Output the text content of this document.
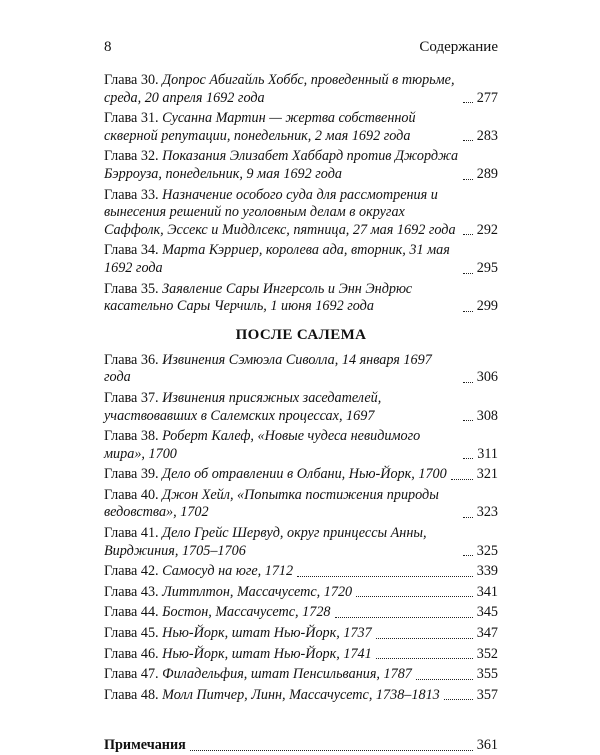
8	Содержание
Глава 30. Допрос Абигайль Хоббс, проведенный в тюрьме, среда, 20 апреля 1692 года	277
Глава 31. Сусанна Мартин — жертва собственной скверной репутации, понедельник, 2 мая 1692 года	283
Глава 32. Показания Элизабет Хаббард против Джорджа Бэрроуза, понедельник, 9 мая 1692 года	289
Глава 33. Назначение особого суда для рассмотрения и вынесения решений по уголовным делам в округах Саффолк, Эссекс и Миддлсекс, пятница, 27 мая 1692 года 292
Глава 34. Марта Кэрриер, королева ада, вторник, 31 мая 1692 года	295
Глава 35. Заявление Сары Ингерсоль и Энн Эндрюс касательно Сары Черчиль, 1 июня 1692 года	299
ПОСЛЕ САЛЕМА
Глава 36. Извинения Сэмюэла Сиволла, 14 января 1697 года	306
Глава 37. Извинения присяжных заседателей, участвовавших в Салемских процессах, 1697	308
Глава 38. Роберт Калеф, «Новые чудеса невидимого мира», 1700	311
Глава 39. Дело об отравлении в Олбани, Нью-Йорк, 1700 321
Глава 40. Джон Хейл, «Попытка постижения природы ведовства», 1702	323
Глава 41. Дело Грейс Шервуд, округ принцессы Анны, Вирджиния, 1705–1706	325
Глава 42. Самосуд на юге, 1712	339
Глава 43. Литтлтон, Массачусетс, 1720	341
Глава 44. Бостон, Массачусетс, 1728	345
Глава 45. Нью-Йорк, штат Нью-Йорк, 1737	347
Глава 46. Нью-Йорк, штат Нью-Йорк, 1741	352
Глава 47. Филадельфия, штат Пенсильвания, 1787	355
Глава 48. Молл Питчер, Линн, Массачусетс, 1738–1813	357
Примечания	361
